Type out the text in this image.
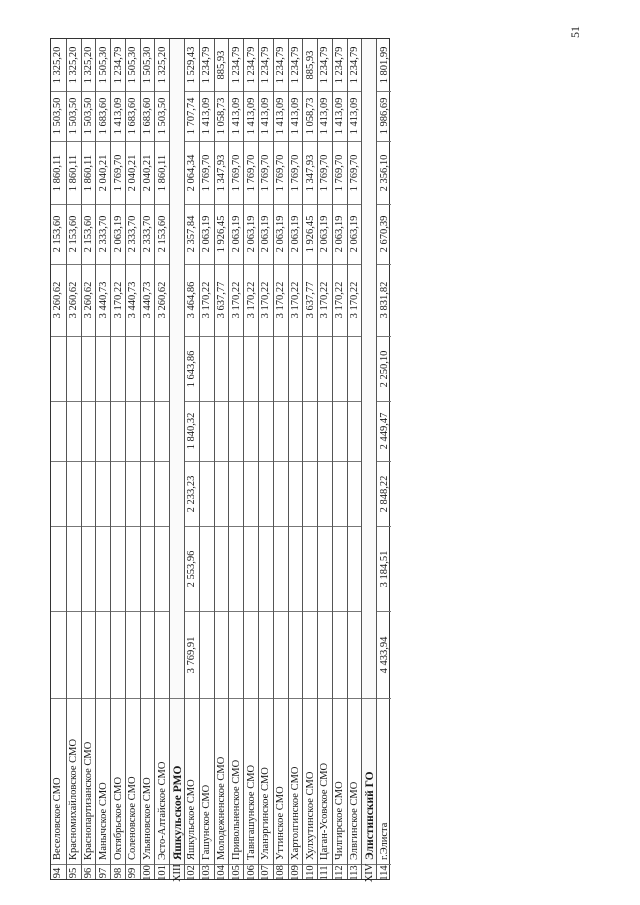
51
94
Веселовское СМО
3 260,62
2 153,60
1 860,11
1 503,50
1 325,20
95
Красномихайловское СМО
3 260,62
2 153,60
1 860,11
1 503,50
1 325,20
96
Краснопартизанское СМО
3 260,62
2 153,60
1 860,11
1 503,50
1 325,20
97
Манычское СМО
3 440,73
2 333,70
2 040,21
1 683,60
1 505,30
98
Октябрьское СМО
3 170,22
2 063,19
1 769,70
1 413,09
1 234,79
99
Соленовское СМО
3 440,73
2 333,70
2 040,21
1 683,60
1 505,30
100
Ульяновское СМО
3 440,73
2 333,70
2 040,21
1 683,60
1 505,30
101
Эсто-Алтайское СМО
3 260,62
2 153,60
1 860,11
1 503,50
1 325,20
XIII
Яшкульское РМО
102
Яшкульское СМО
3 769,91
2 553,96
2 233,23
1 840,32
1 643,86
3 464,86
2 357,84
2 064,34
1 707,74
1 529,43
103
Гашунское СМО
3 170,22
2 063,19
1 769,70
1 413,09
1 234,79
104
Молодежненское СМО
3 637,77
1 926,45
1 347,93
1 058,73
885,93
105
Привольненское СМО
3 170,22
2 063,19
1 769,70
1 413,09
1 234,79
106
Тавнгашунское СМО
3 170,22
2 063,19
1 769,70
1 413,09
1 234,79
107
Уланэргинское СМО
3 170,22
2 063,19
1 769,70
1 413,09
1 234,79
108
Уттинское СМО
3 170,22
2 063,19
1 769,70
1 413,09
1 234,79
109
Хартолгинское СМО
3 170,22
2 063,19
1 769,70
1 413,09
1 234,79
110
Хулхутинское СМО
3 637,77
1 926,45
1 347,93
1 058,73
885,93
111
Цаган-Усовское СМО
3 170,22
2 063,19
1 769,70
1 413,09
1 234,79
112
Чилгирское СМО
3 170,22
2 063,19
1 769,70
1 413,09
1 234,79
113
Элвгинское СМО
3 170,22
2 063,19
1 769,70
1 413,09
1 234,79
XIV
Элистинский ГО
114
г.Элиста
4 433,94
3 184,51
2 848,22
2 449,47
2 250,10
3 831,82
2 670,39
2 356,10
1 986,69
1 801,99
